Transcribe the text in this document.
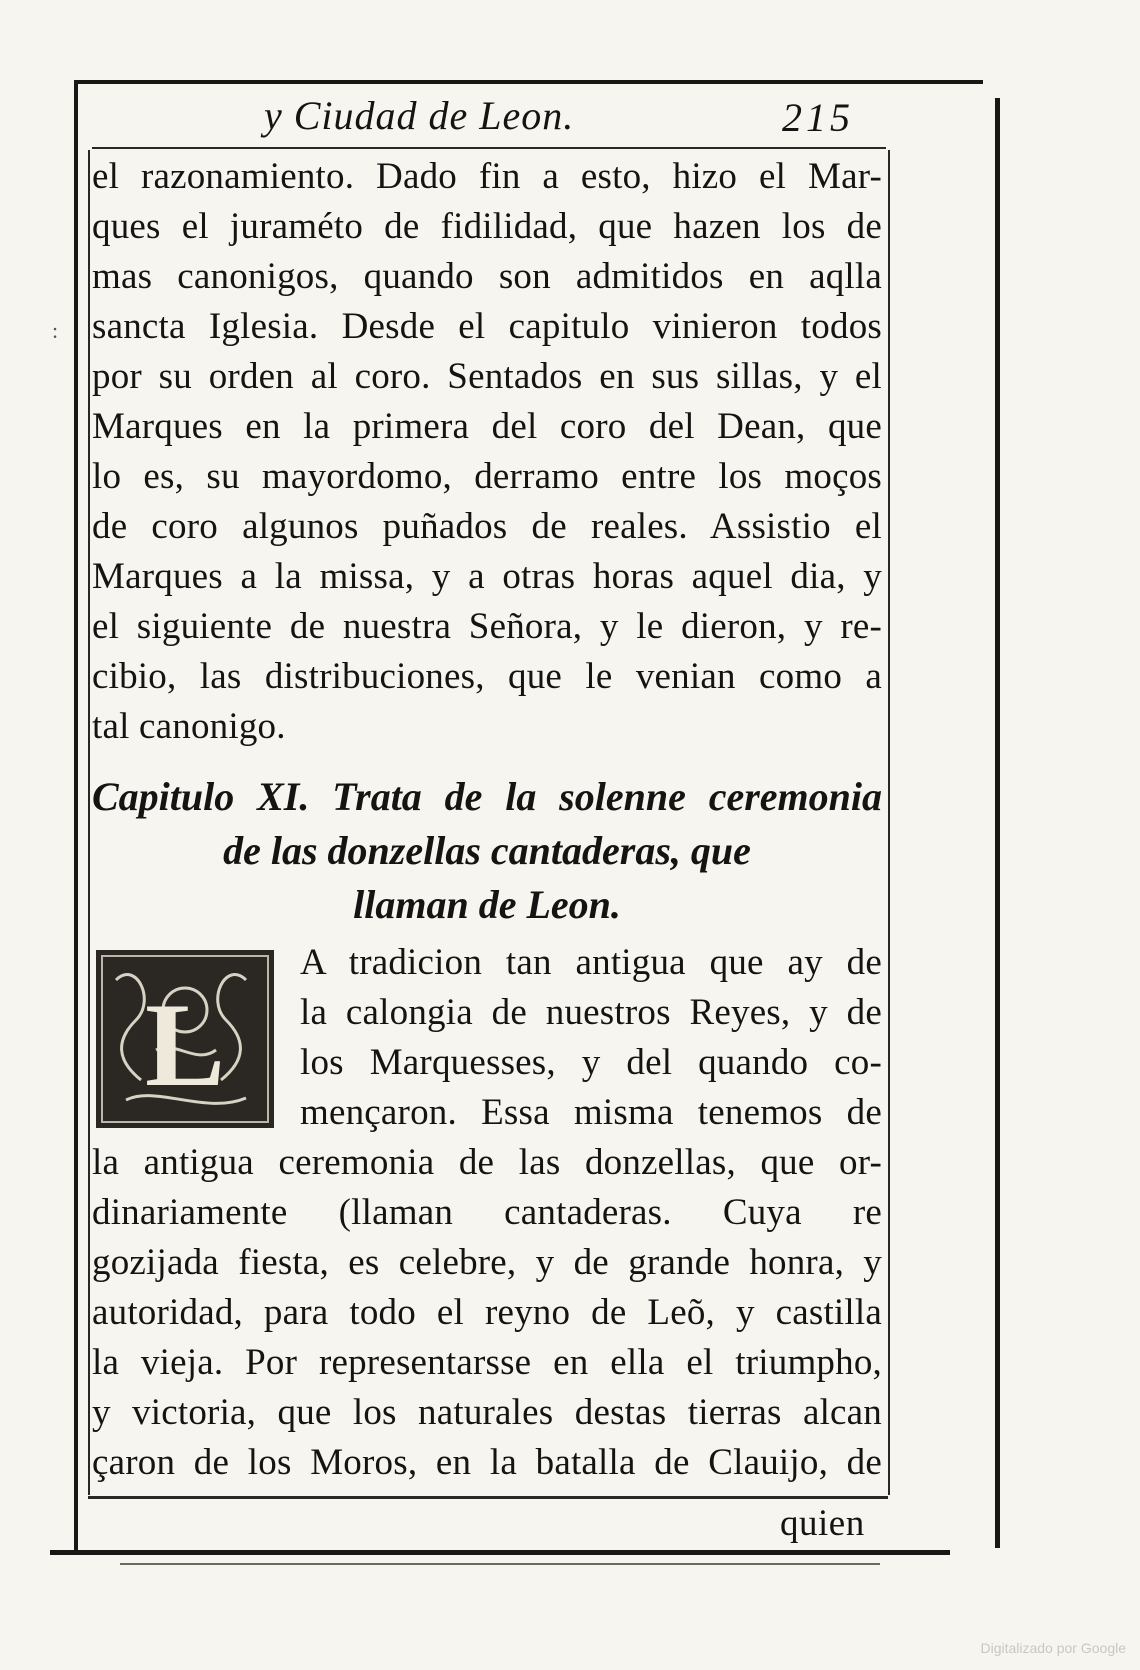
y Ciudad de Leon.	215
:
el razonamiento. Dado fin a esto, hizo el Mar-
ques el juraméto de fidilidad, que hazen los de
mas canonigos, quando son admitidos en aqlla
sancta Iglesia. Desde el capitulo vinieron todos
por su orden al coro. Sentados en sus sillas, y el
Marques en la primera del coro del Dean, que
lo es, su mayordomo, derramo entre los moços
de coro algunos puñados de reales. Assistio el
Marques a la missa, y a otras horas aquel dia, y
el siguiente de nuestra Señora, y le dieron, y re-
cibio, las distribuciones, que le venian como a
tal canonigo.
Capitulo XI. Trata de la solenne ceremonia
de las donzellas cantaderas, que
llaman de Leon.
L
A tradicion tan antigua que ay de
la calongia de nuestros Reyes, y de
los Marquesses, y del quando co-
mençaron. Essa misma tenemos de
la antigua ceremonia de las donzellas, que or-
dinariamente (llaman cantaderas. Cuya re
gozijada fiesta, es celebre, y de grande honra, y
autoridad, para todo el reyno de Leõ, y castilla
la vieja. Por representarsse en ella el triumpho,
y victoria, que los naturales destas tierras alcan
çaron de los Moros, en la batalla de Clauijo, de
quien
Digitalizado por Google
